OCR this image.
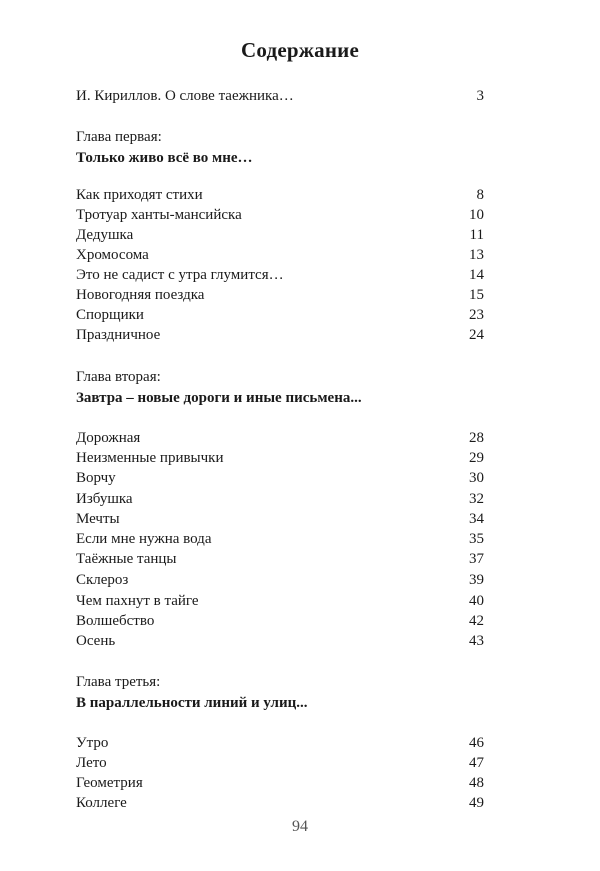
Содержание
И. Кириллов. О слове таежника…	3
Глава первая:
Только живо всё во мне…
Как приходят стихи	8
Тротуар ханты-мансийска	10
Дедушка	11
Хромосома	13
Это не садист с утра глумится…	14
Новогодняя поездка	15
Спорщики	23
Праздничное	24
Глава вторая:
Завтра – новые дороги и иные письмена...
Дорожная	28
Неизменные привычки	29
Ворчу	30
Избушка	32
Мечты	34
Если мне нужна вода	35
Таёжные танцы	37
Склероз	39
Чем пахнут в тайге	40
Волшебство	42
Осень	43
Глава третья:
В параллельности линий и улиц...
Утро	46
Лето	47
Геометрия	48
Коллеге	49
94
